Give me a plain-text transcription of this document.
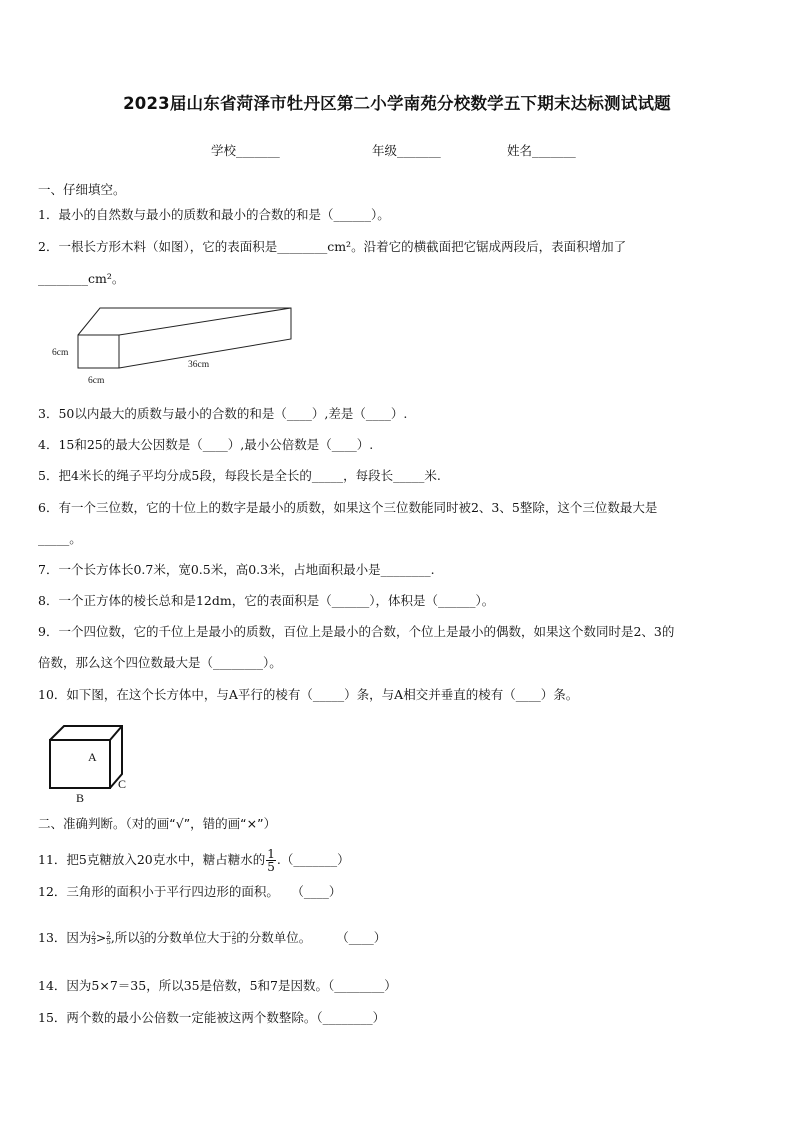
2023届山东省菏泽市牡丹区第二小学南苑分校数学五下期末达标测试试题
学校_______	年级_______	姓名_______
一、仔细填空。
1．最小的自然数与最小的质数和最小的合数的和是（______）。
2．一根长方形木料（如图），它的表面积是________cm²。沿着它的横截面把它锯成两段后，表面积增加了
________cm²。
6cm
6cm
36cm
3．50以内最大的质数与最小的合数的和是（____）,差是（____）.
4．15和25的最大公因数是（____）,最小公倍数是（____）.
5．把4米长的绳子平均分成5段，每段长是全长的_____，每段长_____米.
6．有一个三位数，它的十位上的数字是最小的质数，如果这个三位数能同时被2、3、5整除，这个三位数最大是
_____。
7．一个长方体长0.7米，宽0.5米，高0.3米，占地面积最小是________.
8．一个正方体的棱长总和是12dm，它的表面积是（______），体积是（______）。
9．一个四位数，它的千位上是最小的质数，百位上是最小的合数，个位上是最小的偶数，如果这个数同时是2、3的
倍数，那么这个四位数最大是（________）。
10．如下图，在这个长方体中，与A平行的棱有（_____）条，与A相交并垂直的棱有（____）条。
A
B
C
二、准确判断。（对的画“√”，错的画“×”）
11．把5克糖放入20克水中，糖占糖水的 $\frac{1}{5}$ .（_______）
12．三角形的面积小于平行四边形的面积。　　（____）
13．因为 $\frac{2}{3}> \frac{2}{5}$,所以 $\frac{2}{3}$的分数单位大于 $\frac{2}{5}$的分数单位。　　　（____）
14．因为5×7＝35，所以35是倍数，5和7是因数。（________）
15．两个数的最小公倍数一定能被这两个数整除。（________）
